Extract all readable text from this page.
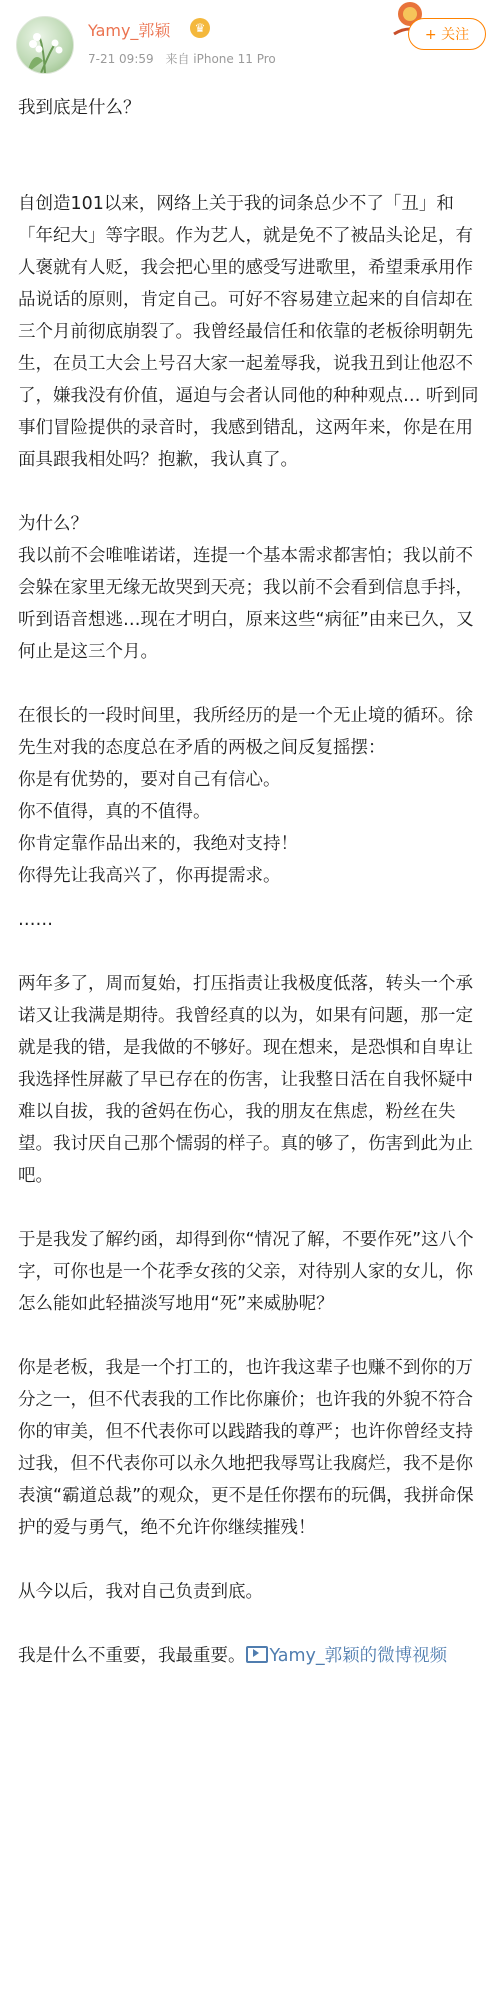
Yamy_郭颖	♛
7-21 09:59 来自 iPhone 11 Pro
+ 关注

我到底是什么？

自创造101以来，网络上关于我的词条总少不了「丑」和「年纪大」等字眼。作为艺人，就是免不了被品头论足，有人褒就有人贬，我会把心里的感受写进歌里，希望秉承用作品说话的原则，肯定自己。可好不容易建立起来的自信却在三个月前彻底崩裂了。我曾经最信任和依靠的老板徐明朝先生，在员工大会上号召大家一起羞辱我，说我丑到让他忍不了，嫌我没有价值，逼迫与会者认同他的种种观点… 听到同事们冒险提供的录音时，我感到错乱，这两年来，你是在用面具跟我相处吗？抱歉，我认真了。

为什么？
我以前不会唯唯诺诺，连提一个基本需求都害怕；我以前不会躲在家里无缘无故哭到天亮；我以前不会看到信息手抖，听到语音想逃…现在才明白，原来这些“病征”由来已久，又何止是这三个月。

在很长的一段时间里，我所经历的是一个无止境的循环。徐先生对我的态度总在矛盾的两极之间反复摇摆：
你是有优势的，要对自己有信心。
你不值得，真的不值得。
你肯定靠作品出来的，我绝对支持！
你得先让我高兴了，你再提需求。

……

两年多了，周而复始，打压指责让我极度低落，转头一个承诺又让我满是期待。我曾经真的以为，如果有问题，那一定就是我的错，是我做的不够好。现在想来，是恐惧和自卑让我选择性屏蔽了早已存在的伤害，让我整日活在自我怀疑中难以自拔，我的爸妈在伤心，我的朋友在焦虑，粉丝在失望。我讨厌自己那个懦弱的样子。真的够了，伤害到此为止吧。

于是我发了解约函，却得到你“情况了解，不要作死”这八个字，可你也是一个花季女孩的父亲，对待别人家的女儿，你怎么能如此轻描淡写地用“死”来威胁呢？

你是老板，我是一个打工的，也许我这辈子也赚不到你的万分之一，但不代表我的工作比你廉价；也许我的外貌不符合你的审美，但不代表你可以践踏我的尊严；也许你曾经支持过我，但不代表你可以永久地把我辱骂让我腐烂，我不是你表演“霸道总裁”的观众，更不是任你摆布的玩偶，我拼命保护的爱与勇气，绝不允许你继续摧残！

从今以后，我对自己负责到底。

我是什么不重要，我最重要。 Yamy_郭颖的微博视频
